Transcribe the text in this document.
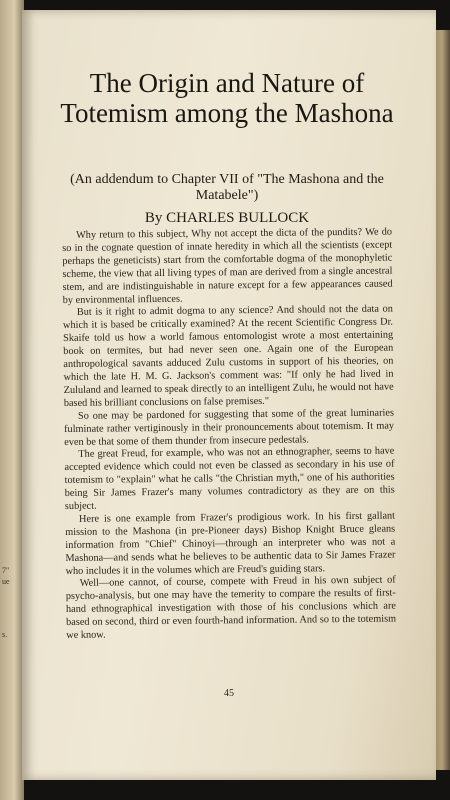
7"
ue
s.
The Origin and Nature of Totemism among the Mashona
(An addendum to Chapter VII of "The Mashona and the Matabele")
By CHARLES BULLOCK

Why return to this subject, Why not accept the dicta of the pundits? We do so in the cognate question of innate heredity in which all the scientists (except perhaps the geneticists) start from the comfortable dogma of the monophyletic scheme, the view that all living types of man are derived from a single ancestral stem, and are indistinguishable in nature except for a few appearances caused by environmental influences.

But is it right to admit dogma to any science? And should not the data on which it is based be critically examined? At the recent Scientific Congress Dr. Skaife told us how a world famous entomologist wrote a most entertaining book on termites, but had never seen one. Again one of the European anthropological savants adduced Zulu customs in support of his theories, on which the late H. M. G. Jackson's comment was: "If only he had lived in Zululand and learned to speak directly to an intelligent Zulu, he would not have based his brilliant conclusions on false premises."

So one may be pardoned for suggesting that some of the great luminaries fulminate rather vertiginously in their pronouncements about totemism. It may even be that some of them thunder from insecure pedestals.

The great Freud, for example, who was not an ethnographer, seems to have accepted evidence which could not even be classed as secondary in his use of totemism to "explain" what he calls "the Christian myth," one of his authorities being Sir James Frazer's many volumes contradictory as they are on this subject.

Here is one example from Frazer's prodigious work. In his first gallant mission to the Mashona (in pre-Pioneer days) Bishop Knight Bruce gleans information from "Chief" Chinoyi—through an interpreter who was not a Mashona—and sends what he believes to be authentic data to Sir James Frazer who includes it in the volumes which are Freud's guiding stars.

Well—one cannot, of course, compete with Freud in his own subject of psycho-analysis, but one may have the temerity to compare the results of first-hand ethnographical investigation with those of his conclusions which are based on second, third or even fourth-hand information. And so to the totemism we know.

45
